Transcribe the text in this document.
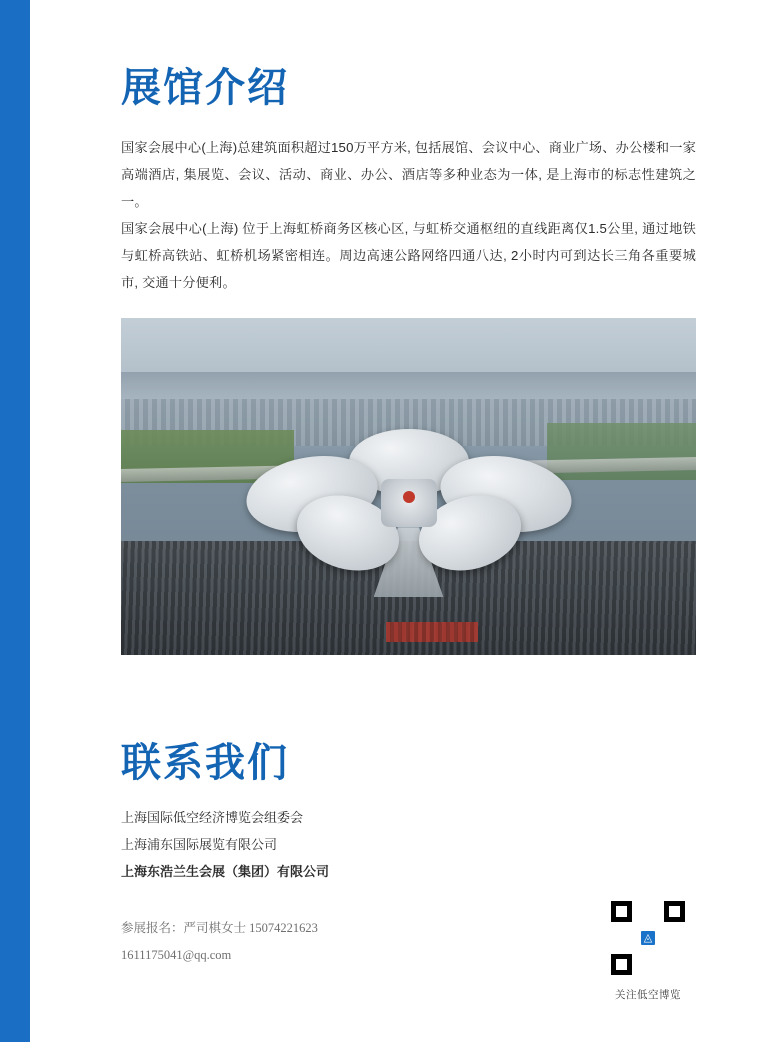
展馆介绍

国家会展中心(上海)总建筑面积超过150万平方米, 包括展馆、会议中心、商业广场、办公楼和一家高端酒店, 集展览、会议、活动、商业、办公、酒店等多种业态为一体, 是上海市的标志性建筑之一。

国家会展中心(上海) 位于上海虹桥商务区核心区, 与虹桥交通枢纽的直线距离仅1.5公里, 通过地铁与虹桥高铁站、虹桥机场紧密相连。周边高速公路网络四通八达, 2小时内可到达长三角各重要城市, 交通十分便利。

联系我们
上海国际低空经济博览会组委会
上海浦东国际展览有限公司
上海东浩兰生会展（集团）有限公司
参展报名：严司棋女士 15074221623
1611175041@qq.com
◬
关注低空博览
